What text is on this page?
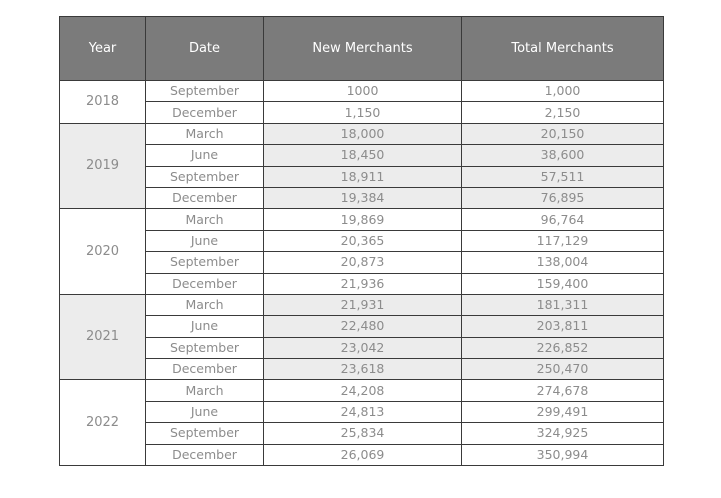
Year	Date	New Merchants	Total Merchants
2018	September	1000	1,000
	December	1,150	2,150
2019	March	18,000	20,150
	June	18,450	38,600
	September	18,911	57,511
	December	19,384	76,895
2020	March	19,869	96,764
	June	20,365	117,129
	September	20,873	138,004
	December	21,936	159,400
2021	March	21,931	181,311
	June	22,480	203,811
	September	23,042	226,852
	December	23,618	250,470
2022	March	24,208	274,678
	June	24,813	299,491
	September	25,834	324,925
	December	26,069	350,994
